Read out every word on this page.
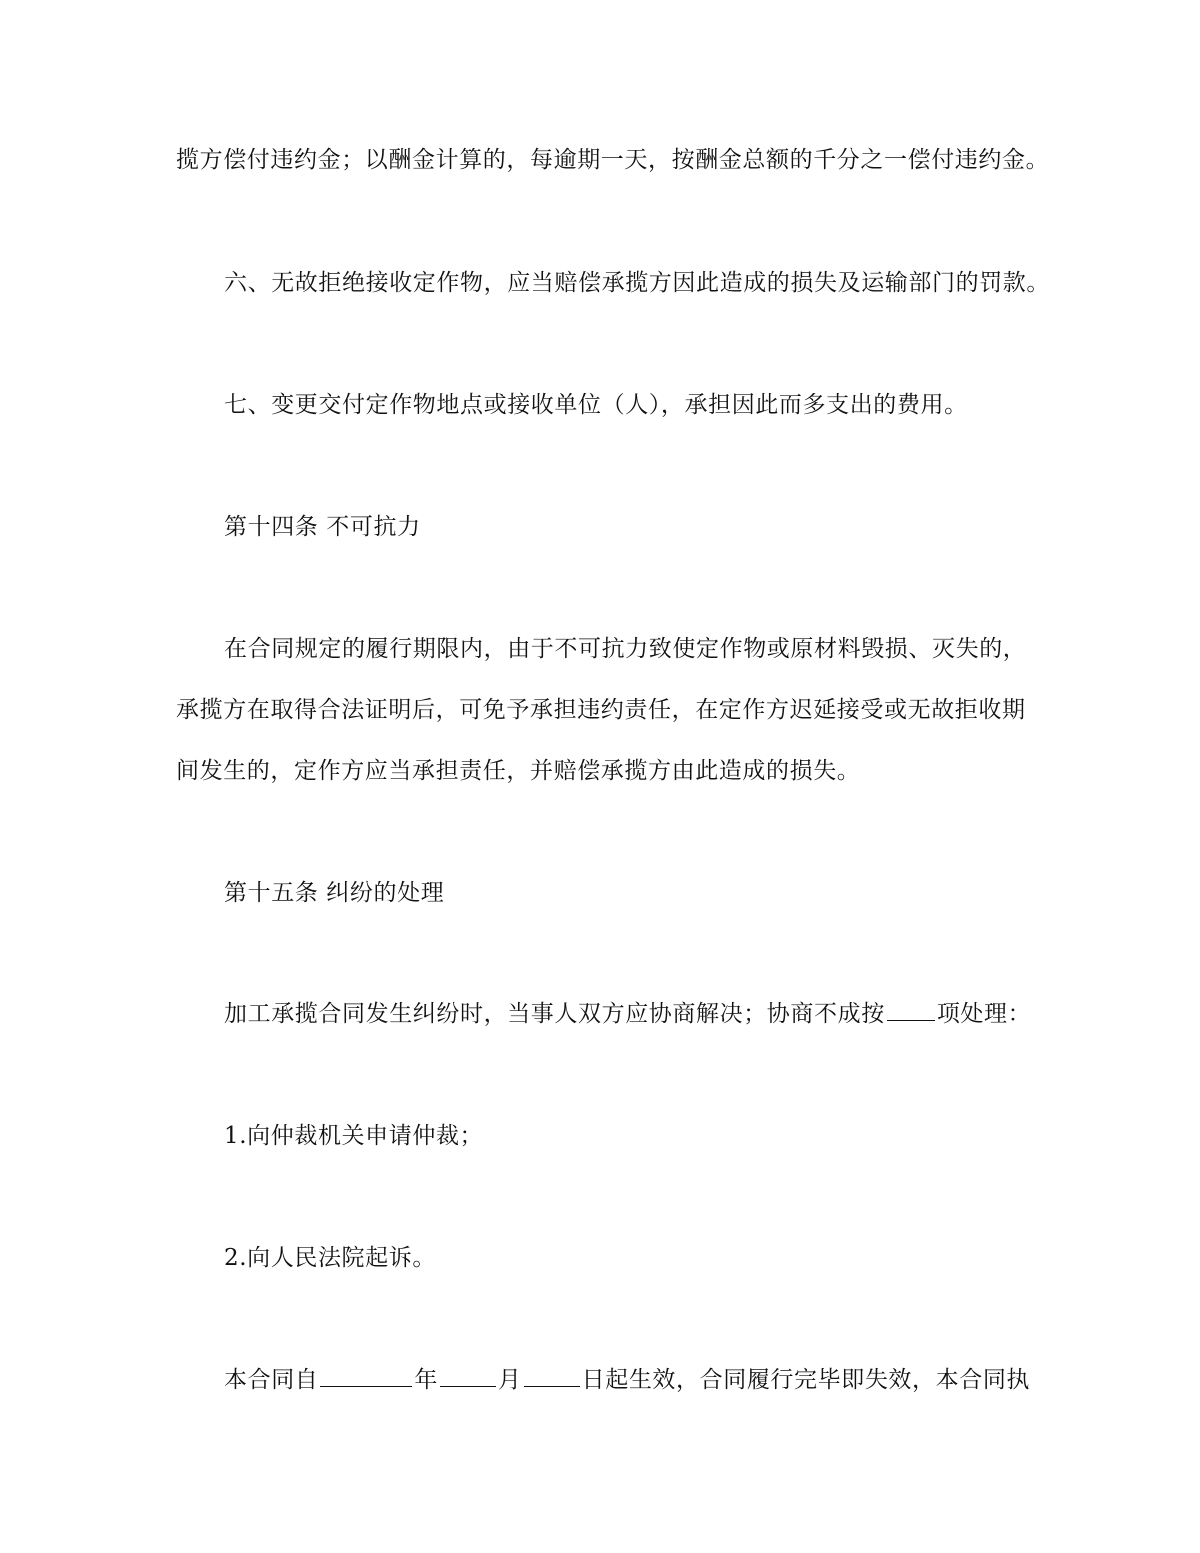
揽方偿付违约金；以酬金计算的，每逾期一天，按酬金总额的千分之一偿付违约金。

六、无故拒绝接收定作物，应当赔偿承揽方因此造成的损失及运输部门的罚款。

七、变更交付定作物地点或接收单位（人），承担因此而多支出的费用。

第十四条 不可抗力

在合同规定的履行期限内，由于不可抗力致使定作物或原材料毁损、灭失的，

承揽方在取得合法证明后，可免予承担违约责任，在定作方迟延接受或无故拒收期

间发生的，定作方应当承担责任，并赔偿承揽方由此造成的损失。

第十五条 纠纷的处理

加工承揽合同发生纠纷时，当事人双方应协商解决；协商不成按 项处理：

1.向仲裁机关申请仲裁；

2.向人民法院起诉。

本合同自	年	月	日起生效，合同履行完毕即失效，本合同执
